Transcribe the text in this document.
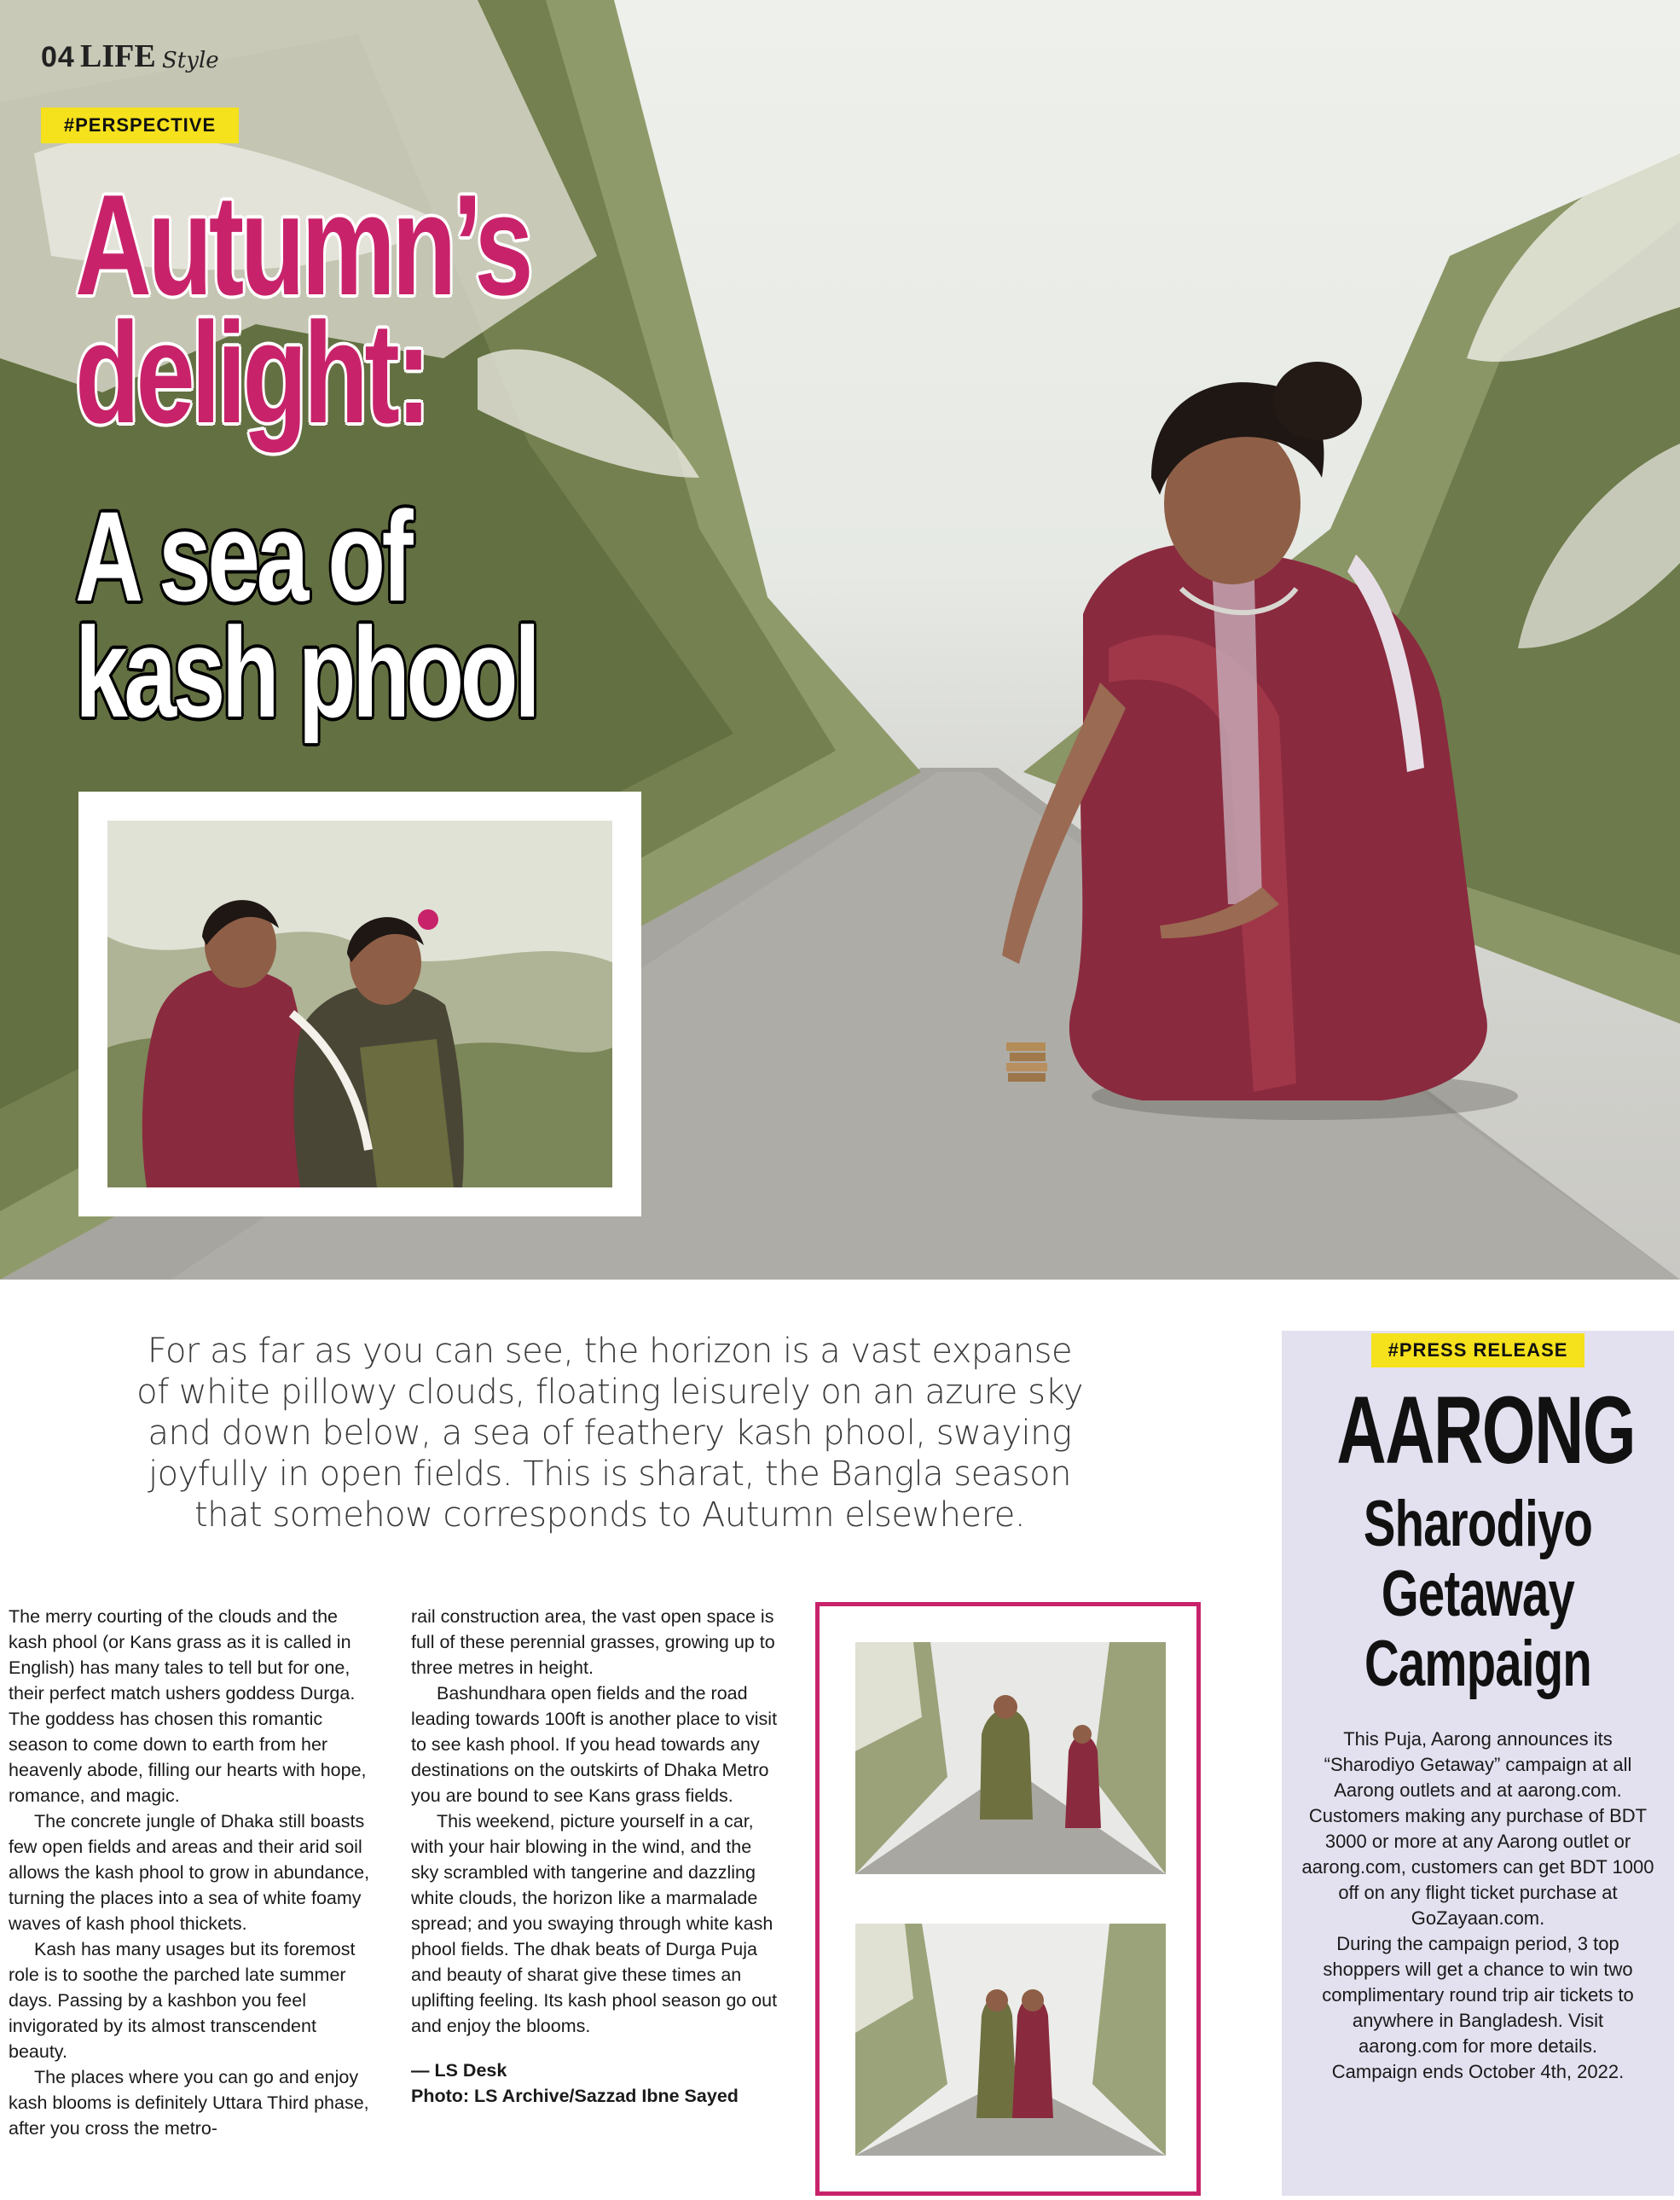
04 LIFE Style
#PERSPECTIVE
Autumn’s
delight:
A sea of
kash phool
For as far as you can see, the horizon is a vast expanse of white pillowy clouds, floating leisurely on an azure sky and down below, a sea of feathery kash phool, swaying joyfully in open fields. This is sharat, the Bangla season that somehow corresponds to Autumn elsewhere.

The merry courting of the clouds and the kash phool (or Kans grass as it is called in English) has many tales to tell but for one, their perfect match ushers goddess Durga. The goddess has chosen this romantic season to come down to earth from her heavenly abode, filling our hearts with hope, romance, and magic.

The concrete jungle of Dhaka still boasts few open fields and areas and their arid soil allows the kash phool to grow in abundance, turning the places into a sea of white foamy waves of kash phool thickets.

Kash has many usages but its foremost role is to soothe the parched late summer days. Passing by a kashbon you feel invigorated by its almost transcendent beauty.

The places where you can go and enjoy kash blooms is definitely Uttara Third phase, after you cross the metro-

rail construction area, the vast open space is full of these perennial grasses, growing up to three metres in height.

Bashundhara open fields and the road leading towards 100ft is another place to visit to see kash phool. If you head towards any destinations on the outskirts of Dhaka Metro you are bound to see Kans grass fields.

This weekend, picture yourself in a car, with your hair blowing in the wind, and the sky scrambled with tangerine and dazzling white clouds, the horizon like a marmalade spread; and you swaying through white kash phool fields. The dhak beats of Durga Puja and beauty of sharat give these times an uplifting feeling. Its kash phool season go out and enjoy the blooms.

— LS Desk
Photo: LS Archive/Sazzad Ibne Sayed
#PRESS RELEASE
AARONG
Sharodiyo
Getaway
Campaign

This Puja, Aarong announces its “Sharodiyo Getaway” campaign at all Aarong outlets and at aarong.com. Customers making any purchase of BDT 3000 or more at any Aarong outlet or aarong.com, customers can get BDT 1000 off on any flight ticket purchase at GoZayaan.com.

During the campaign period, 3 top shoppers will get a chance to win two complimentary round trip air tickets to anywhere in Bangladesh. Visit aarong.com for more details.

Campaign ends October 4th, 2022.
